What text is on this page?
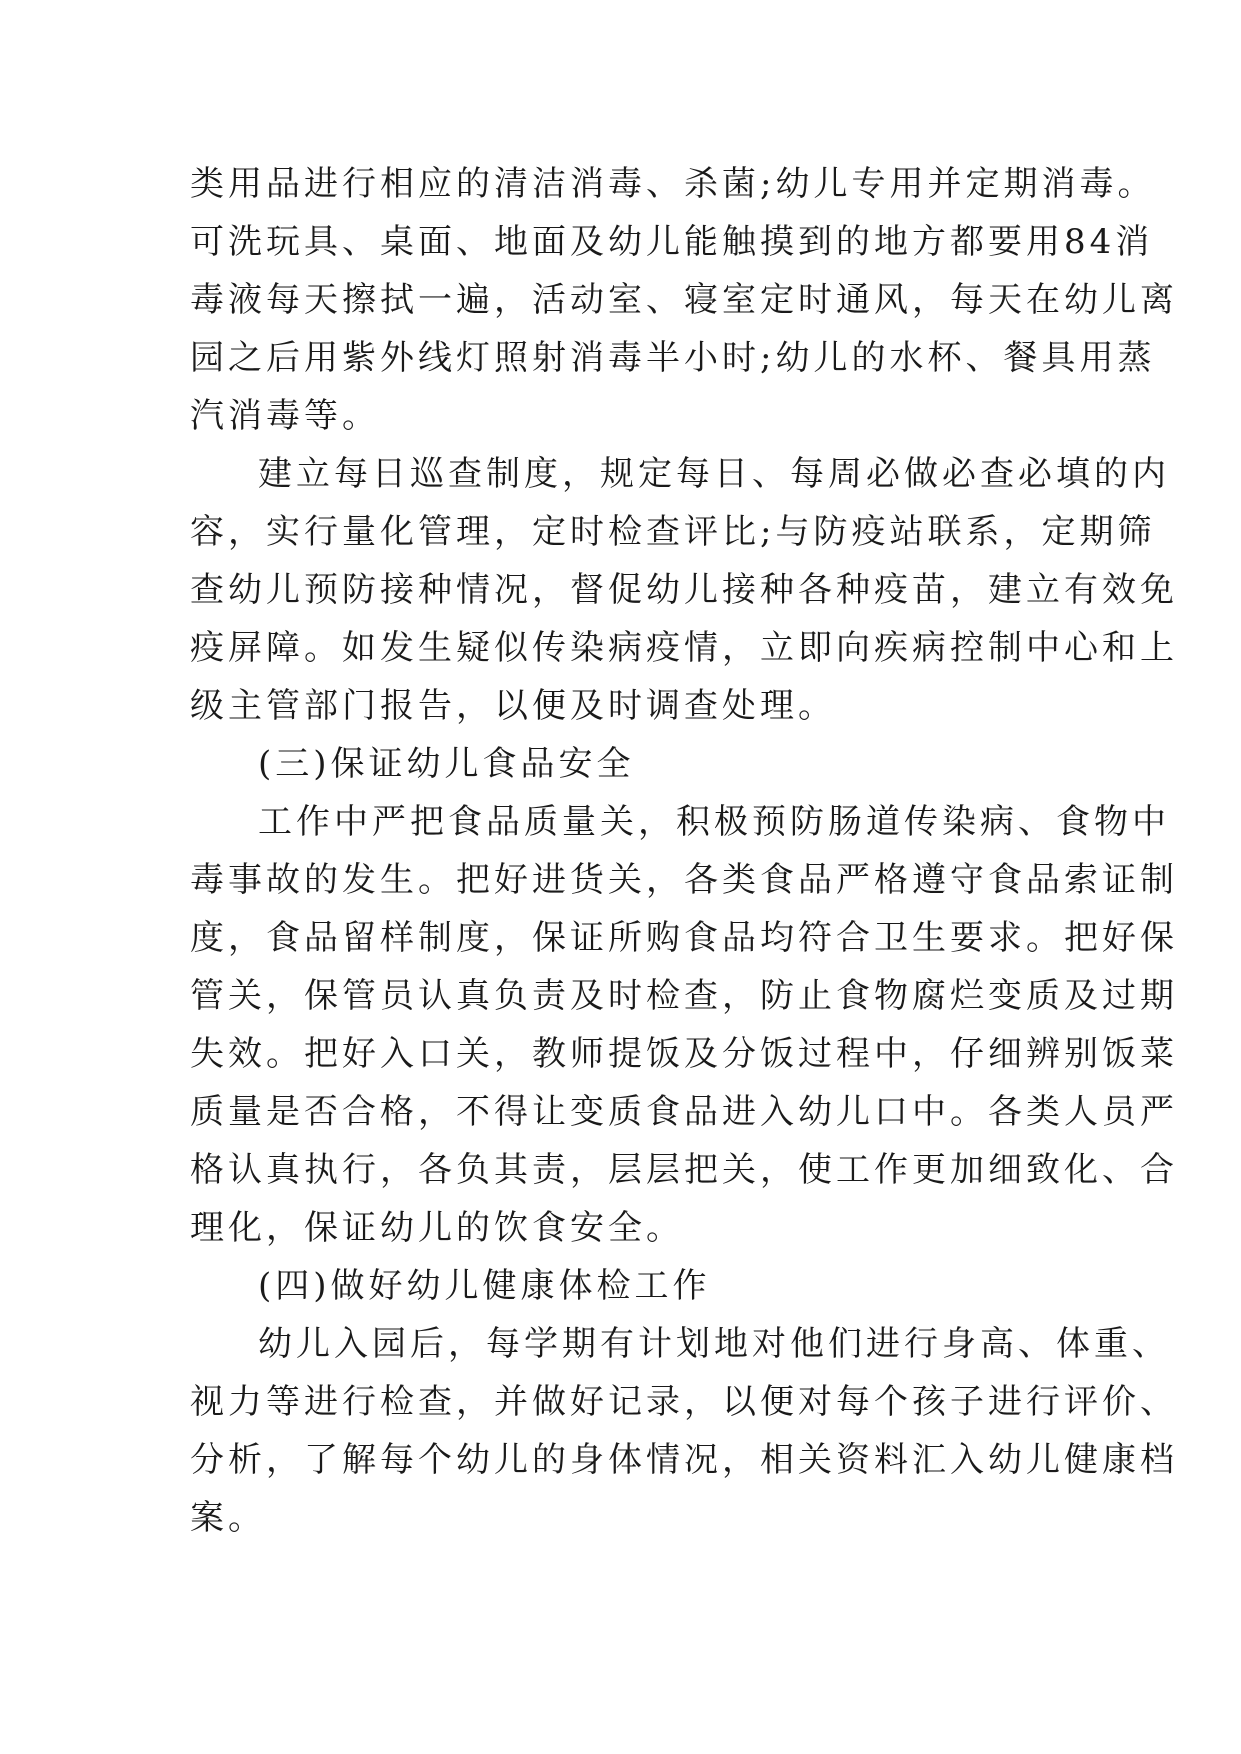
类用品进行相应的清洁消毒、杀菌;幼儿专用并定期消毒。
可洗玩具、桌面、地面及幼儿能触摸到的地方都要用84消
毒液每天擦拭一遍，活动室、寝室定时通风，每天在幼儿离
园之后用紫外线灯照射消毒半小时;幼儿的水杯、餐具用蒸
汽消毒等。
建立每日巡查制度，规定每日、每周必做必查必填的内
容，实行量化管理，定时检查评比;与防疫站联系，定期筛
查幼儿预防接种情况，督促幼儿接种各种疫苗，建立有效免
疫屏障。如发生疑似传染病疫情，立即向疾病控制中心和上
级主管部门报告，以便及时调查处理。
(三)保证幼儿食品安全
工作中严把食品质量关，积极预防肠道传染病、食物中
毒事故的发生。把好进货关，各类食品严格遵守食品索证制
度，食品留样制度，保证所购食品均符合卫生要求。把好保
管关，保管员认真负责及时检查，防止食物腐烂变质及过期
失效。把好入口关，教师提饭及分饭过程中，仔细辨别饭菜
质量是否合格，不得让变质食品进入幼儿口中。各类人员严
格认真执行，各负其责，层层把关，使工作更加细致化、合
理化，保证幼儿的饮食安全。
(四)做好幼儿健康体检工作
幼儿入园后，每学期有计划地对他们进行身高、体重、
视力等进行检查，并做好记录，以便对每个孩子进行评价、
分析，了解每个幼儿的身体情况，相关资料汇入幼儿健康档
案。
